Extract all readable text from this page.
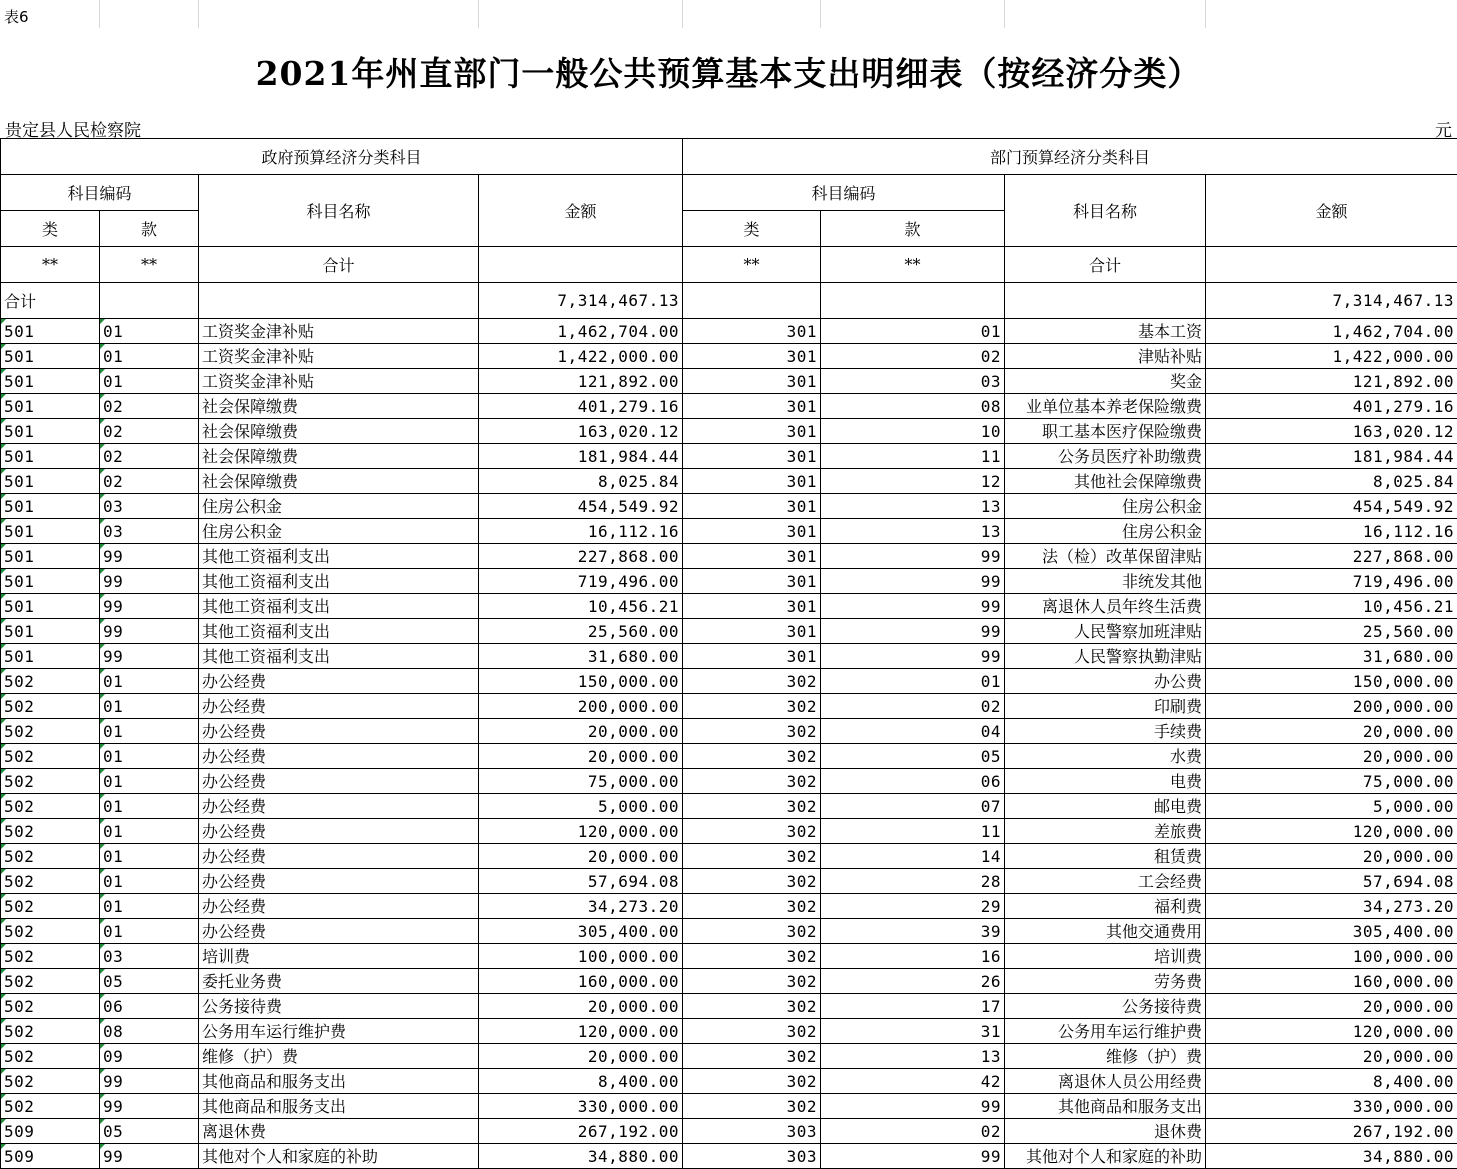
表6
2021年州直部门一般公共预算基本支出明细表（按经济分类）
贵定县人民检察院	元
政府预算经济分类科目				部门预算经济分类科目			
科目编码		科目名称	金额	科目编码		科目名称	金额
类	款			类	款		
**	**	合计		**	**	合计	
合计			7,314,467.13				7,314,467.13
501	01	工资奖金津补贴	1,462,704.00	301	01	基本工资	1,462,704.00
501	01	工资奖金津补贴	1,422,000.00	301	02	津贴补贴	1,422,000.00
501	01	工资奖金津补贴	121,892.00	301	03	奖金	121,892.00
501	02	社会保障缴费	401,279.16	301	08	业单位基本养老保险缴费	401,279.16
501	02	社会保障缴费	163,020.12	301	10	职工基本医疗保险缴费	163,020.12
501	02	社会保障缴费	181,984.44	301	11	公务员医疗补助缴费	181,984.44
501	02	社会保障缴费	8,025.84	301	12	其他社会保障缴费	8,025.84
501	03	住房公积金	454,549.92	301	13	住房公积金	454,549.92
501	03	住房公积金	16,112.16	301	13	住房公积金	16,112.16
501	99	其他工资福利支出	227,868.00	301	99	法（检）改革保留津贴	227,868.00
501	99	其他工资福利支出	719,496.00	301	99	非统发其他	719,496.00
501	99	其他工资福利支出	10,456.21	301	99	离退休人员年终生活费	10,456.21
501	99	其他工资福利支出	25,560.00	301	99	人民警察加班津贴	25,560.00
501	99	其他工资福利支出	31,680.00	301	99	人民警察执勤津贴	31,680.00
502	01	办公经费	150,000.00	302	01	办公费	150,000.00
502	01	办公经费	200,000.00	302	02	印刷费	200,000.00
502	01	办公经费	20,000.00	302	04	手续费	20,000.00
502	01	办公经费	20,000.00	302	05	水费	20,000.00
502	01	办公经费	75,000.00	302	06	电费	75,000.00
502	01	办公经费	5,000.00	302	07	邮电费	5,000.00
502	01	办公经费	120,000.00	302	11	差旅费	120,000.00
502	01	办公经费	20,000.00	302	14	租赁费	20,000.00
502	01	办公经费	57,694.08	302	28	工会经费	57,694.08
502	01	办公经费	34,273.20	302	29	福利费	34,273.20
502	01	办公经费	305,400.00	302	39	其他交通费用	305,400.00
502	03	培训费	100,000.00	302	16	培训费	100,000.00
502	05	委托业务费	160,000.00	302	26	劳务费	160,000.00
502	06	公务接待费	20,000.00	302	17	公务接待费	20,000.00
502	08	公务用车运行维护费	120,000.00	302	31	公务用车运行维护费	120,000.00
502	09	维修（护）费	20,000.00	302	13	维修（护）费	20,000.00
502	99	其他商品和服务支出	8,400.00	302	42	离退休人员公用经费	8,400.00
502	99	其他商品和服务支出	330,000.00	302	99	其他商品和服务支出	330,000.00
509	05	离退休费	267,192.00	303	02	退休费	267,192.00
509	99	其他对个人和家庭的补助	34,880.00	303	99	其他对个人和家庭的补助	34,880.00
